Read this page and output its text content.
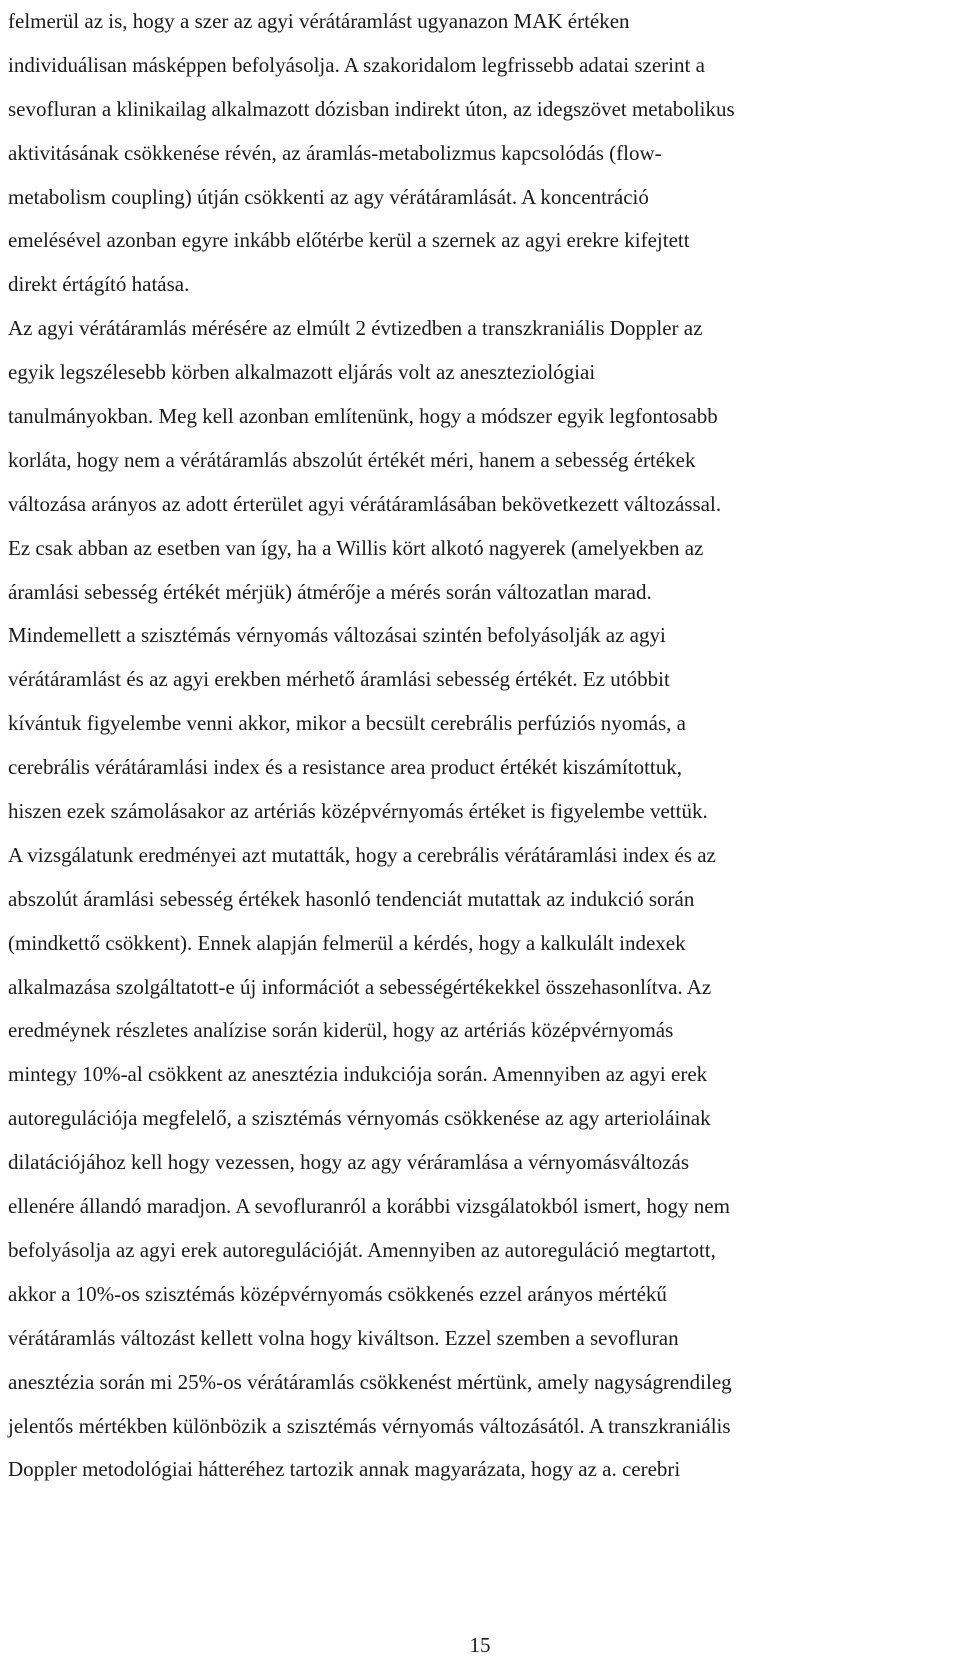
felmerül az is, hogy a szer az agyi vérátáramlást ugyanazon MAK értéken
individuálisan másképpen befolyásolja. A szakoridalom legfrissebb adatai szerint a
sevofluran a klinikailag alkalmazott dózisban indirekt úton, az idegszövet metabolikus
aktivitásának csökkenése révén, az áramlás-metabolizmus kapcsolódás (flow-
metabolism coupling) útján csökkenti az agy vérátáramlását. A koncentráció
emelésével azonban egyre inkább előtérbe kerül a szernek az agyi erekre kifejtett
direkt értágító hatása.
Az agyi vérátáramlás mérésére az elmúlt 2 évtizedben a transzkraniális Doppler az
egyik legszélesebb körben alkalmazott eljárás volt az aneszteziológiai
tanulmányokban. Meg kell azonban említenünk, hogy a módszer egyik legfontosabb
korláta, hogy nem a vérátáramlás abszolút értékét méri, hanem a sebesség értékek
változása arányos az adott érterület agyi vérátáramlásában bekövetkezett változással.
Ez csak abban az esetben van így, ha a Willis kört alkotó nagyerek (amelyekben az
áramlási sebesség értékét mérjük) átmérője a mérés során változatlan marad.
Mindemellett a szisztémás vérnyomás változásai szintén befolyásolják az agyi
vérátáramlást és az agyi erekben mérhető áramlási sebesség értékét. Ez utóbbit
kívántuk figyelembe venni akkor, mikor a becsült cerebrális perfúziós nyomás, a
cerebrális vérátáramlási index és a resistance area product értékét kiszámítottuk,
hiszen ezek számolásakor az artériás középvérnyomás értéket is figyelembe vettük.
A vizsgálatunk eredményei azt mutatták, hogy a cerebrális vérátáramlási index és az
abszolút áramlási sebesség értékek hasonló tendenciát mutattak az indukció során
(mindkettő csökkent). Ennek alapján felmerül a kérdés, hogy a kalkulált indexek
alkalmazása szolgáltatott-e új információt a sebességértékekkel összehasonlítva. Az
eredméynek részletes analízise során kiderül, hogy az artériás középvérnyomás
mintegy 10%-al csökkent az anesztézia indukciója során. Amennyiben az agyi erek
autoregulációja megfelelő, a szisztémás vérnyomás csökkenése az agy arterioláinak
dilatációjához kell hogy vezessen, hogy az agy véráramlása a vérnyomásváltozás
ellenére állandó maradjon. A sevofluranról a korábbi vizsgálatokból ismert, hogy nem
befolyásolja az agyi erek autoregulációját. Amennyiben az autoreguláció megtartott,
akkor a 10%-os szisztémás középvérnyomás csökkenés ezzel arányos mértékű
vérátáramlás változást kellett volna hogy kiváltson. Ezzel szemben a sevofluran
anesztézia során mi 25%-os vérátáramlás csökkenést mértünk, amely nagyságrendileg
jelentős mértékben különbözik a szisztémás vérnyomás változásától. A transzkraniális
Doppler metodológiai hátteréhez tartozik annak magyarázata, hogy az a. cerebri
15
